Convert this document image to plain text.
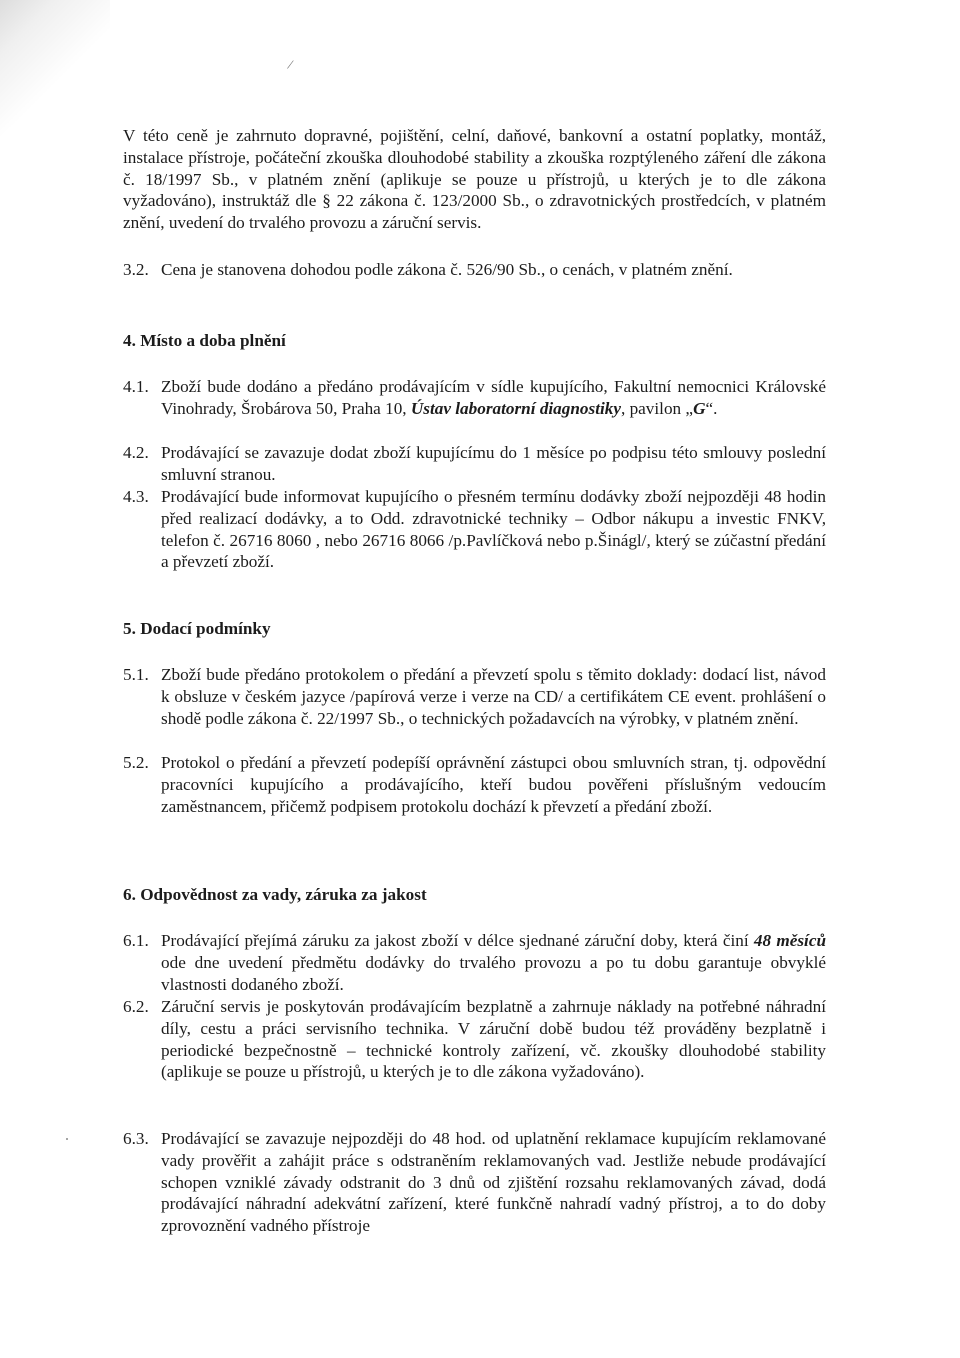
/
V této ceně je zahrnuto dopravné, pojištění, celní, daňové, bankovní a ostatní poplatky, montáž, instalace přístroje, počáteční zkouška dlouhodobé stability a zkouška rozptýleného záření dle zákona č. 18/1997 Sb., v platném znění (aplikuje se pouze u přístrojů, u kterých je to dle zákona vyžadováno), instruktáž dle § 22 zákona č. 123/2000 Sb., o zdravotnických prostředcích, v platném znění, uvedení do trvalého provozu a záruční servis.
3.2. Cena je stanovena dohodou podle zákona č. 526/90 Sb., o cenách, v platném znění.
4. Místo a doba plnění
4.1. Zboží bude dodáno a předáno prodávajícím v sídle kupujícího, Fakultní nemocnici Královské Vinohrady, Šrobárova 50, Praha 10, Ústav laboratorní diagnostiky, pavilon „G“.
4.2. Prodávající se zavazuje dodat zboží kupujícímu do 1 měsíce po podpisu této smlouvy poslední smluvní stranou.
4.3. Prodávající bude informovat kupujícího o přesném termínu dodávky zboží nejpozději 48 hodin před realizací dodávky, a to Odd. zdravotnické techniky – Odbor nákupu a investic FNKV, telefon č. 26716 8060 , nebo 26716 8066 /p.Pavlíčková nebo p.Šinágl/, který se zúčastní předání a převzetí zboží.
5. Dodací podmínky
5.1. Zboží bude předáno protokolem o předání a převzetí spolu s těmito doklady: dodací list, návod k obsluze v českém jazyce /papírová verze i verze na CD/ a certifikátem CE event. prohlášení o shodě podle zákona č. 22/1997 Sb., o technických požadavcích na výrobky, v platném znění.
5.2. Protokol o předání a převzetí podepíší oprávnění zástupci obou smluvních stran, tj. odpovědní pracovníci kupujícího a prodávajícího, kteří budou pověřeni příslušným vedoucím zaměstnancem, přičemž podpisem protokolu dochází k převzetí a předání zboží.
6. Odpovědnost za vady, záruka za jakost
6.1. Prodávající přejímá záruku za jakost zboží v délce sjednané záruční doby, která činí 48 měsíců ode dne uvedení předmětu dodávky do trvalého provozu a po tu dobu garantuje obvyklé vlastnosti dodaného zboží.
6.2. Záruční servis je poskytován prodávajícím bezplatně a zahrnuje náklady na potřebné náhradní díly, cestu a práci servisního technika. V záruční době budou též prováděny bezplatně i periodické bezpečnostně – technické kontroly zařízení, vč. zkoušky dlouhodobé stability (aplikuje se pouze u přístrojů, u kterých je to dle zákona vyžadováno).
6.3. Prodávající se zavazuje nejpozději do 48 hod. od uplatnění reklamace kupujícím reklamované vady prověřit a zahájit práce s odstraněním reklamovaných vad. Jestliže nebude prodávající schopen vzniklé závady odstranit do 3 dnů od zjištění rozsahu reklamovaných závad, dodá prodávající náhradní adekvátní zařízení, které funkčně nahradí vadný přístroj, a to do doby zprovoznění vadného přístroje
